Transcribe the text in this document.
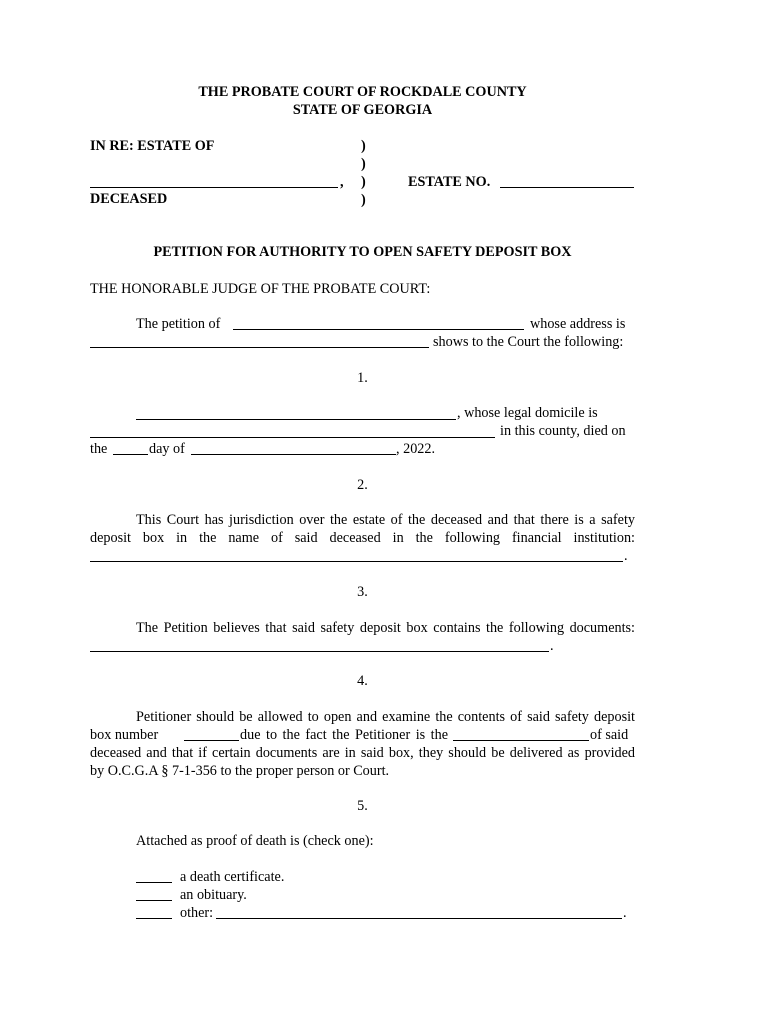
THE PROBATE COURT OF ROCKDALE COUNTY
STATE OF GEORGIA
IN RE: ESTATE OF
,
DECEASED
)
)
)
)
ESTATE NO.
PETITION FOR AUTHORITY TO OPEN SAFETY DEPOSIT BOX
THE HONORABLE JUDGE OF THE PROBATE COURT:
The petition of	whose address is
shows to the Court the following:
1.
, whose legal domicile is
in this county, died on
the	day of	, 2022.
2.
This Court has jurisdiction over the estate of the deceased and that there is a safety
deposit box in the name of said deceased in the following financial institution:
.
3.
The Petition believes that said safety deposit box contains the following documents:
.
4.
Petitioner should be allowed to open and examine the contents of said safety deposit
box number	due to the fact the Petitioner is the	of said
deceased and that if certain documents are in said box, they should be delivered as provided
by O.C.G.A § 7-1-356 to the proper person or Court.
5.
Attached as proof of death is (check one):
a death certificate.
an obituary.
other:	.
